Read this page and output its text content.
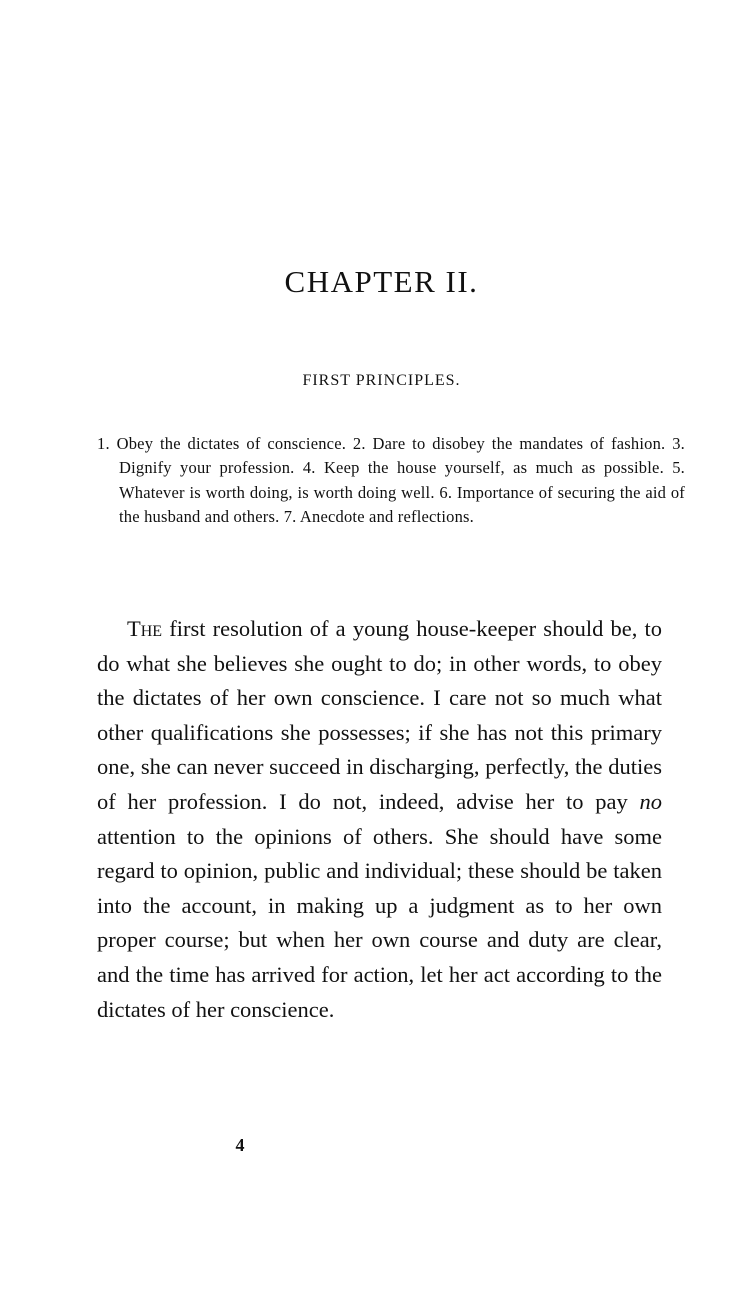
CHAPTER II.
FIRST PRINCIPLES.

1. Obey the dictates of conscience. 2. Dare to disobey the mandates of fashion. 3. Dignify your profession. 4. Keep the house yourself, as much as possible. 5. Whatever is worth doing, is worth doing well. 6. Importance of securing the aid of the husband and others. 7. Anecdote and reflections.

The first resolution of a young house-keeper should be, to do what she believes she ought to do; in other words, to obey the dictates of her own conscience. I care not so much what other qualifications she possesses; if she has not this primary one, she can never succeed in discharging, perfectly, the duties of her profession. I do not, indeed, advise her to pay no attention to the opinions of others. She should have some regard to opinion, public and individual; these should be taken into the account, in making up a judgment as to her own proper course; but when her own course and duty are clear, and the time has arrived for action, let her act according to the dictates of her conscience.

4
